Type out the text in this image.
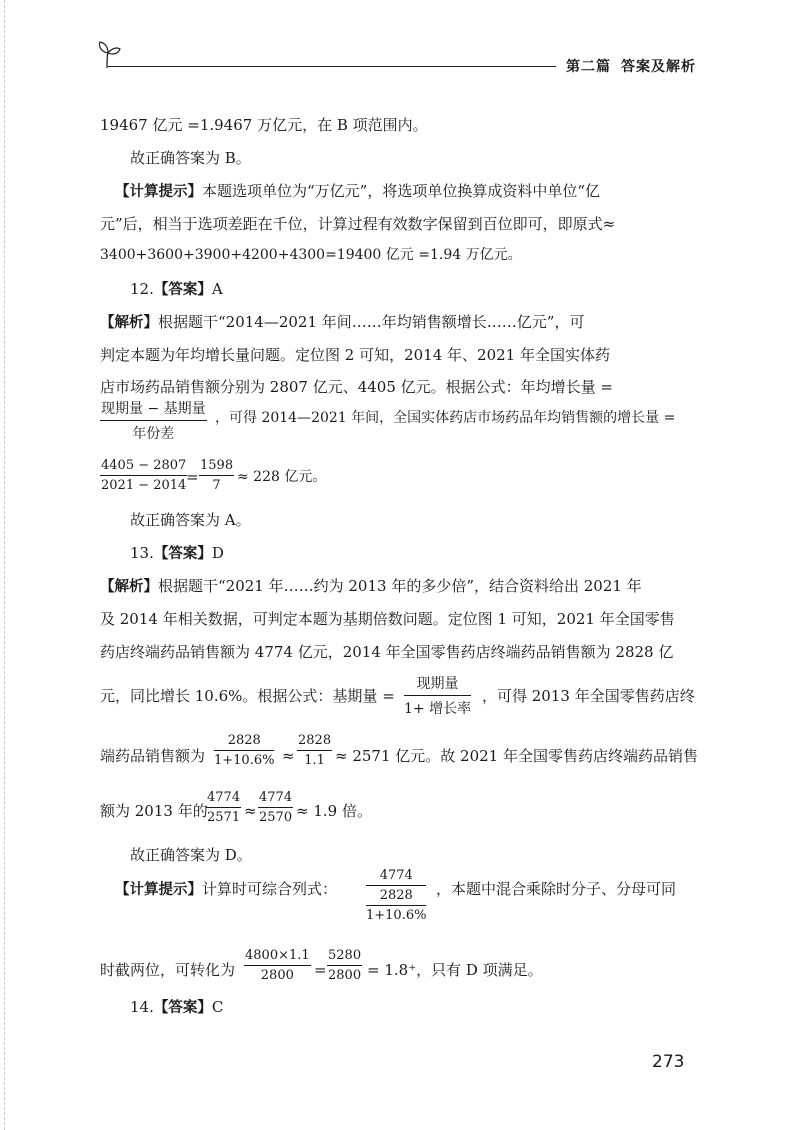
第二篇 答案及解析
19467 亿元 =1.9467 万亿元，在 B 项范围内。
故正确答案为 B。
【计算提示】本题选项单位为“万亿元”，将选项单位换算成资料中单位“亿
元”后，相当于选项差距在千位，计算过程有效数字保留到百位即可，即原式≈
3400+3600+3900+4200+4300=19400 亿元 =1.94 万亿元。
12.【答案】A
【解析】根据题干“2014—2021 年间……年均销售额增长……亿元”，可
判定本题为年均增长量问题。定位图 2 可知，2014 年、2021 年全国实体药
店市场药品销售额分别为 2807 亿元、4405 亿元。根据公式：年均增长量 =
现期量 − 基期量
年份差
，可得 2014—2021 年间，全国实体药店市场药品年均销售额的增长量 =
$\frac{4405 - 2807}{2021 - 2014}$
= $\frac{1598}{7} \approx 228$ 亿元。
故正确答案为 A。
13.【答案】D
【解析】根据题干“2021 年……约为 2013 年的多少倍”，结合资料给出 2021 年
及 2014 年相关数据，可判定本题为基期倍数问题。定位图 1 可知，2021 年全国零售
药店终端药品销售额为 4774 亿元，2014 年全国零售药店终端药品销售额为 2828 亿
元，同比增长 10.6%。根据公式：基期量 =
现期量
1+ 增长率
，可得 2013 年全国零售药店终
端药品销售额为 $\frac{2828}{1+10.6\%} \approx \frac{2828}{1.1} \approx 2571$ 亿元。故 2021 年全国零售药店终端药品销售
额为 2013 年的
$\frac{4774}{2571} \approx \frac{4774}{2570} \approx 1.9$ 倍。
故正确答案为 D。
【计算提示】计算时可综合列式： $\frac{4774}{\frac{2828}{1+10.6\%}}$ ，本题中混合乘除时分子、分母可同
时截两位，可转化为 $\frac{4800\times 1.1}{2800} = \frac{5280}{2800} = 1.8^+$，只有 D 项满足。
14.【答案】C
273
